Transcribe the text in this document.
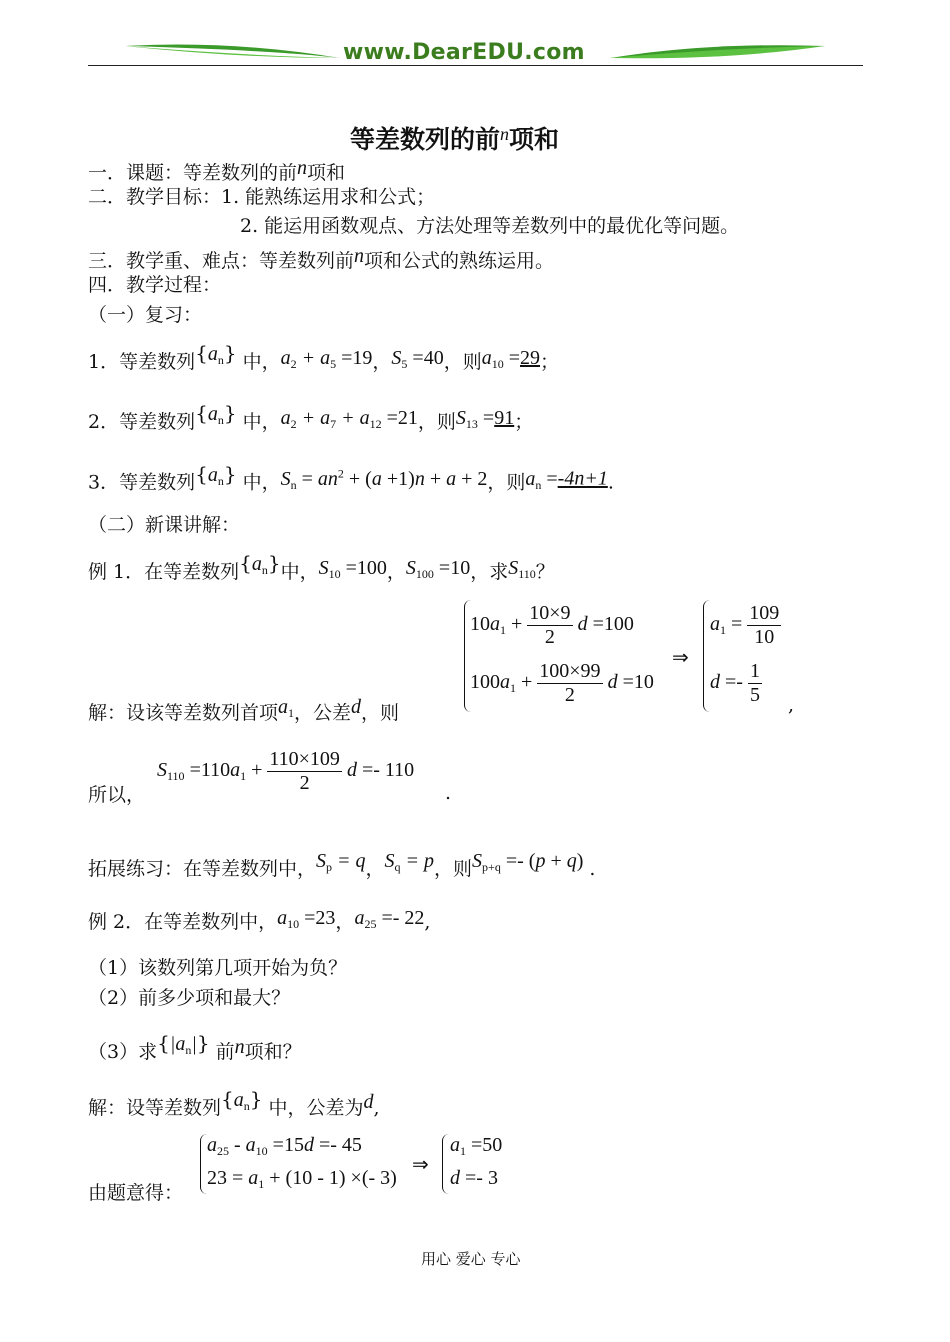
www.DearEDU.com
等差数列的前$^n$项和
一．课题：等差数列的前n项和
二．教学目标：1. 能熟练运用求和公式；
2. 能运用函数观点、方法处理等差数列中的最优化等问题。
三．教学重、难点：等差数列前n项和公式的熟练运用。
四．教学过程：
（一）复习：
1．等差数列$\{a_n\}$ 中，$a_2 + a_5 =19$，$S_5 =40$，则$a_{10} =29$；
2．等差数列$\{a_n\}$ 中，$a_2 + a_7 + a_{12} =21$，则$S_{13} =91$；
3．等差数列$\{a_n\}$ 中，$S_n = an^2 + (a +1)n + a + 2$，则$a_n =-4n+1$.
（二）新课讲解：
例 1．在等差数列$\{a_n\}$中，$S_{10} =100$，$S_{100} =10$，求$S_{110}$？
$10a_1 + \frac{10\times 9}{2}$ d =100
$100a_1 + \frac{100\times 99}{2}$ d =10
⇒
$a_1 = \frac{109}{10}$
$d =- \frac{1}{5}$ ,
解：设该等差数列首项$a_1$，公差d，则
所以，
$S_{110} =110a_1 + \frac{110\times 109}{2}$ d =- 110
.
拓展练习：在等差数列中，$S_p = q$，$S_q = p$，则$S_{p+q} =- (p + q)$ .
例 2．在等差数列中，$a_{10} =23$，$a_{25} =- 22$,
（1）该数列第几项开始为负？
（2）前多少项和最大？
（3）求$\{|a_n|\}$ 前n项和？
解：设等差数列$\{a_n\}$ 中，公差为d,
由题意得：
$a_{25} - a_{10} =15d =- 45$
$23 = a_1 + (10 - 1)$ ×(- 3)
⇒
$a_1 =50$
d =- 3
用心 爱心 专心
